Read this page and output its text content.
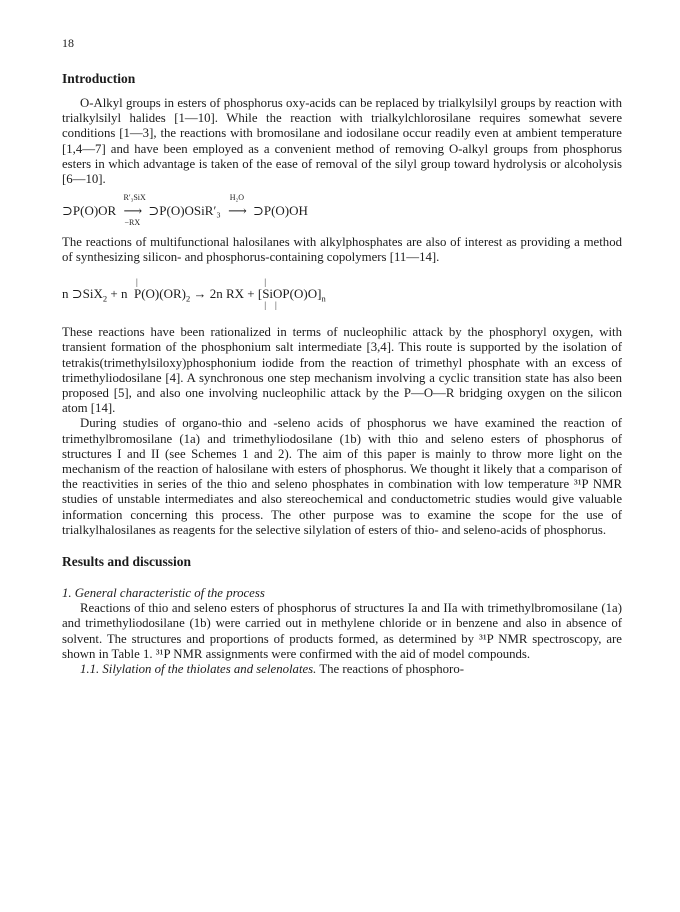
18
Introduction

O-Alkyl groups in esters of phosphorus oxy-acids can be replaced by trialkylsilyl groups by reaction with trialkylsilyl halides [1—10]. While the reaction with trialkylchlorosilane requires somewhat severe conditions [1—3], the reactions with bromosilane and iodosilane occur readily even at ambient temperature [1,4—7] and have been employed as a convenient method of removing O-alkyl groups from phosphorus esters in which advantage is taken of the ease of removal of the silyl group toward hydrolysis or alcoholysis [6—10].

⊃P(O)OR
R′₃SiX
⟶
−RX
⊃P(O)OSiR′₃
H₂O
⟶ ⊃P(O)OH

The reactions of multifunctional halosilanes with alkylphosphates are also of interest as providing a method of synthesizing silicon- and phosphorus-containing copolymers [11—14].

n ⊃SiX$_2$ + n
|
$P(O)(OR)_2 \to 2n$ RX + [
|
|    |
$SiOP(O)O]_n$

These reactions have been rationalized in terms of nucleophilic attack by the phosphoryl oxygen, with transient formation of the phosphonium salt intermediate [3,4]. This route is supported by the isolation of tetrakis(trimethylsiloxy)phosphonium iodide from the reaction of trimethyl phosphate with an excess of trimethyliodosilane [4]. A synchronous one step mechanism involving a cyclic transition state has also been proposed [5], and also one involving nucleophilic attack by the P—O—R bridging oxygen on the silicon atom [14].

During studies of organo-thio and -seleno acids of phosphorus we have examined the reaction of trimethylbromosilane (1a) and trimethyliodosilane (1b) with thio and seleno esters of phosphorus of structures I and II (see Schemes 1 and 2). The aim of this paper is mainly to throw more light on the mechanism of the reaction of halosilane with esters of phosphorus. We thought it likely that a comparison of the reactivities in series of the thio and seleno phosphates in combination with low temperature ³¹P NMR studies of unstable intermediates and also stereochemical and conductometric studies would give valuable information concerning this process. The other purpose was to examine the scope for the use of trialkylhalosilanes as reagents for the selective silylation of esters of thio- and seleno-acids of phosphorus.

Results and discussion
1. General characteristic of the process

Reactions of thio and seleno esters of phosphorus of structures Ia and IIa with trimethylbromosilane (1a) and trimethyliodosilane (1b) were carried out in methylene chloride or in benzene and also in absence of solvent. The structures and proportions of products formed, as determined by ³¹P NMR spectroscopy, are shown in Table 1. ³¹P NMR assignments were confirmed with the aid of model compounds.

1.1. Silylation of the thiolates and selenolates. The reactions of phosphoro-
